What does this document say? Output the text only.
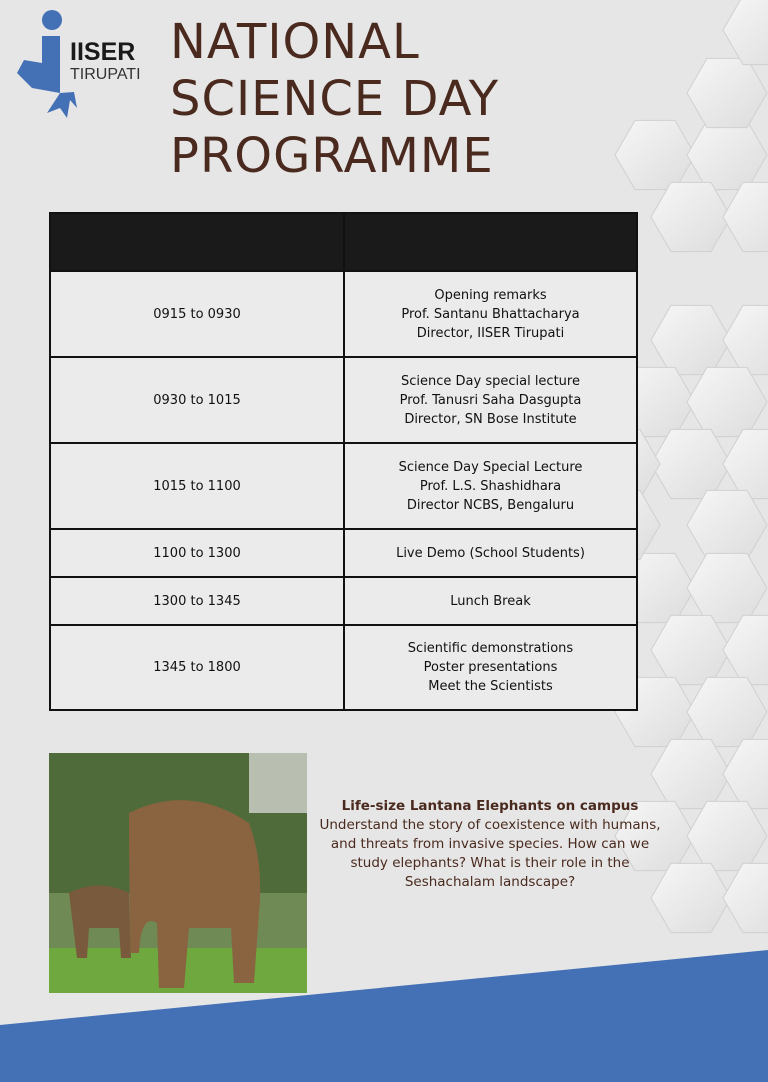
IISER
TIRUPATI
NATIONAL
SCIENCE DAY
PROGRAMME

0915 to 0930	Opening remarks
Prof. Santanu Bhattacharya
Director, IISER Tirupati

0930 to 1015	Science Day special lecture
Prof. Tanusri Saha Dasgupta
Director, SN Bose Institute

1015 to 1100	Science Day Special Lecture
Prof. L.S. Shashidhara
Director NCBS, Bengaluru

1100 to 1300	Live Demo (School Students)

1300 to 1345	Lunch Break

1345 to 1800	Scientific demonstrations
Poster presentations
Meet the Scientists
Life-size Lantana Elephants on campus
Understand the story of coexistence with humans, and threats from invasive species. How can we study elephants? What is their role in the Seshachalam landscape?
